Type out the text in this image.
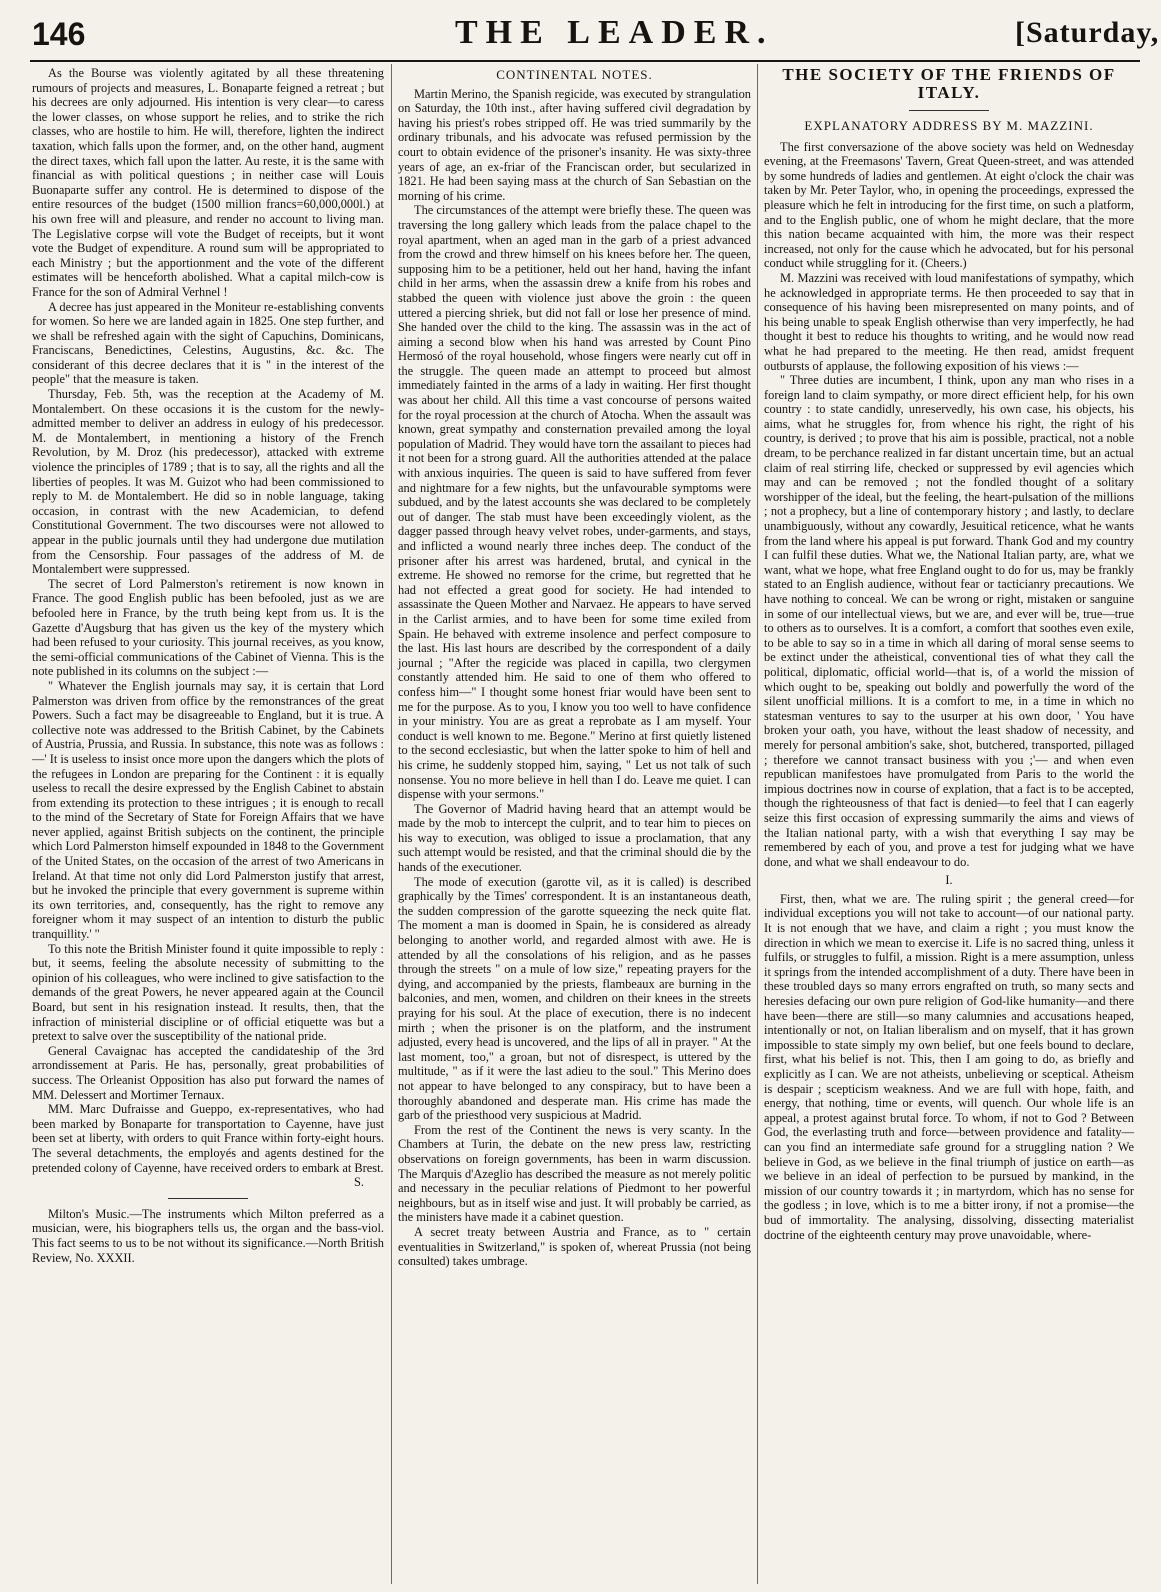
146	THE LEADER.	[Saturday,

As the Bourse was violently agitated by all these threatening rumours of projects and measures, L. Bonaparte feigned a retreat ; but his decrees are only adjourned. His intention is very clear—to caress the lower classes, on whose support he relies, and to strike the rich classes, who are hostile to him. He will, therefore, lighten the indirect taxation, which falls upon the former, and, on the other hand, augment the direct taxes, which fall upon the latter. Au reste, it is the same with financial as with political questions ; in neither case will Louis Buonaparte suffer any control. He is determined to dispose of the entire resources of the budget (1500 million francs=60,000,000l.) at his own free will and pleasure, and render no account to living man. The Legislative corpse will vote the Budget of receipts, but it wont vote the Budget of expenditure. A round sum will be appropriated to each Ministry ; but the apportionment and the vote of the different estimates will be henceforth abolished. What a capital milch-cow is France for the son of Admiral Verhnel !

A decree has just appeared in the Moniteur re-establishing convents for women. So here we are landed again in 1825. One step further, and we shall be refreshed again with the sight of Capuchins, Dominicans, Franciscans, Benedictines, Celestins, Augustins, &c. &c. The considerant of this decree declares that it is " in the interest of the people" that the measure is taken.

Thursday, Feb. 5th, was the reception at the Academy of M. Montalembert. On these occasions it is the custom for the newly-admitted member to deliver an address in eulogy of his predecessor. M. de Montalembert, in mentioning a history of the French Revolution, by M. Droz (his predecessor), attacked with extreme violence the principles of 1789 ; that is to say, all the rights and all the liberties of peoples. It was M. Guizot who had been commissioned to reply to M. de Montalembert. He did so in noble language, taking occasion, in contrast with the new Academician, to defend Constitutional Government. The two discourses were not allowed to appear in the public journals until they had undergone due mutilation from the Censorship. Four passages of the address of M. de Montalembert were suppressed.

The secret of Lord Palmerston's retirement is now known in France. The good English public has been befooled, just as we are befooled here in France, by the truth being kept from us. It is the Gazette d'Augsburg that has given us the key of the mystery which had been refused to your curiosity. This journal receives, as you know, the semi-official communications of the Cabinet of Vienna. This is the note published in its columns on the subject :—

" Whatever the English journals may say, it is certain that Lord Palmerston was driven from office by the remonstrances of the great Powers. Such a fact may be disagreeable to England, but it is true. A collective note was addressed to the British Cabinet, by the Cabinets of Austria, Prussia, and Russia. In substance, this note was as follows :—' It is useless to insist once more upon the dangers which the plots of the refugees in London are preparing for the Continent : it is equally useless to recall the desire expressed by the English Cabinet to abstain from extending its protection to these intrigues ; it is enough to recall to the mind of the Secretary of State for Foreign Affairs that we have never applied, against British subjects on the continent, the principle which Lord Palmerston himself expounded in 1848 to the Government of the United States, on the occasion of the arrest of two Americans in Ireland. At that time not only did Lord Palmerston justify that arrest, but he invoked the principle that every government is supreme within its own territories, and, consequently, has the right to remove any foreigner whom it may suspect of an intention to disturb the public tranquillity.' "

To this note the British Minister found it quite impossible to reply : but, it seems, feeling the absolute necessity of submitting to the opinion of his colleagues, who were inclined to give satisfaction to the demands of the great Powers, he never appeared again at the Council Board, but sent in his resignation instead. It results, then, that the infraction of ministerial discipline or of official etiquette was but a pretext to salve over the susceptibility of the national pride.

General Cavaignac has accepted the candidateship of the 3rd arrondissement at Paris. He has, personally, great probabilities of success. The Orleanist Opposition has also put forward the names of MM. Delessert and Mortimer Ternaux.

MM. Marc Dufraisse and Gueppo, ex-representatives, who had been marked by Bonaparte for transportation to Cayenne, have just been set at liberty, with orders to quit France within forty-eight hours. The several detachments, the employés and agents destined for the pretended colony of Cayenne, have received orders to embark at Brest.

S.

Milton's Music.—The instruments which Milton preferred as a musician, were, his biographers tells us, the organ and the bass-viol. This fact seems to us to be not without its significance.—North British Review, No. XXXII.

CONTINENTAL NOTES.

Martin Merino, the Spanish regicide, was executed by strangulation on Saturday, the 10th inst., after having suffered civil degradation by having his priest's robes stripped off. He was tried summarily by the ordinary tribunals, and his advocate was refused permission by the court to obtain evidence of the prisoner's insanity. He was sixty-three years of age, an ex-friar of the Franciscan order, but secularized in 1821. He had been saying mass at the church of San Sebastian on the morning of his crime.

The circumstances of the attempt were briefly these. The queen was traversing the long gallery which leads from the palace chapel to the royal apartment, when an aged man in the garb of a priest advanced from the crowd and threw himself on his knees before her. The queen, supposing him to be a petitioner, held out her hand, having the infant child in her arms, when the assassin drew a knife from his robes and stabbed the queen with violence just above the groin : the queen uttered a piercing shriek, but did not fall or lose her presence of mind. She handed over the child to the king. The assassin was in the act of aiming a second blow when his hand was arrested by Count Pino Hermosó of the royal household, whose fingers were nearly cut off in the struggle. The queen made an attempt to proceed but almost immediately fainted in the arms of a lady in waiting. Her first thought was about her child. All this time a vast concourse of persons waited for the royal procession at the church of Atocha. When the assault was known, great sympathy and consternation prevailed among the loyal population of Madrid. They would have torn the assailant to pieces had it not been for a strong guard. All the authorities attended at the palace with anxious inquiries. The queen is said to have suffered from fever and nightmare for a few nights, but the unfavourable symptoms were subdued, and by the latest accounts she was declared to be completely out of danger. The stab must have been exceedingly violent, as the dagger passed through heavy velvet robes, under-garments, and stays, and inflicted a wound nearly three inches deep. The conduct of the prisoner after his arrest was hardened, brutal, and cynical in the extreme. He showed no remorse for the crime, but regretted that he had not effected a great good for society. He had intended to assassinate the Queen Mother and Narvaez. He appears to have served in the Carlist armies, and to have been for some time exiled from Spain. He behaved with extreme insolence and perfect composure to the last. His last hours are described by the correspondent of a daily journal ; "After the regicide was placed in capilla, two clergymen constantly attended him. He said to one of them who offered to confess him—" I thought some honest friar would have been sent to me for the purpose. As to you, I know you too well to have confidence in your ministry. You are as great a reprobate as I am myself. Your conduct is well known to me. Begone." Merino at first quietly listened to the second ecclesiastic, but when the latter spoke to him of hell and his crime, he suddenly stopped him, saying, " Let us not talk of such nonsense. You no more believe in hell than I do. Leave me quiet. I can dispense with your sermons."

The Governor of Madrid having heard that an attempt would be made by the mob to intercept the culprit, and to tear him to pieces on his way to execution, was obliged to issue a proclamation, that any such attempt would be resisted, and that the criminal should die by the hands of the executioner.

The mode of execution (garotte vil, as it is called) is described graphically by the Times' correspondent. It is an instantaneous death, the sudden compression of the garotte squeezing the neck quite flat. The moment a man is doomed in Spain, he is considered as already belonging to another world, and regarded almost with awe. He is attended by all the consolations of his religion, and as he passes through the streets " on a mule of low size," repeating prayers for the dying, and accompanied by the priests, flambeaux are burning in the balconies, and men, women, and children on their knees in the streets praying for his soul. At the place of execution, there is no indecent mirth ; when the prisoner is on the platform, and the instrument adjusted, every head is uncovered, and the lips of all in prayer. " At the last moment, too," a groan, but not of disrespect, is uttered by the multitude, " as if it were the last adieu to the soul." This Merino does not appear to have belonged to any conspiracy, but to have been a thoroughly abandoned and desperate man. His crime has made the garb of the priesthood very suspicious at Madrid.

From the rest of the Continent the news is very scanty. In the Chambers at Turin, the debate on the new press law, restricting observations on foreign governments, has been in warm discussion. The Marquis d'Azeglio has described the measure as not merely politic and necessary in the peculiar relations of Piedmont to her powerful neighbours, but as in itself wise and just. It will probably be carried, as the ministers have made it a cabinet question.

A secret treaty between Austria and France, as to " certain eventualities in Switzerland," is spoken of, whereat Prussia (not being consulted) takes umbrage.

THE SOCIETY OF THE FRIENDS OF ITALY.
EXPLANATORY ADDRESS BY M. MAZZINI.

The first conversazione of the above society was held on Wednesday evening, at the Freemasons' Tavern, Great Queen-street, and was attended by some hundreds of ladies and gentlemen. At eight o'clock the chair was taken by Mr. Peter Taylor, who, in opening the proceedings, expressed the pleasure which he felt in introducing for the first time, on such a platform, and to the English public, one of whom he might declare, that the more this nation became acquainted with him, the more was their respect increased, not only for the cause which he advocated, but for his personal conduct while struggling for it. (Cheers.)

M. Mazzini was received with loud manifestations of sympathy, which he acknowledged in appropriate terms. He then proceeded to say that in consequence of his having been misrepresented on many points, and of his being unable to speak English otherwise than very imperfectly, he had thought it best to reduce his thoughts to writing, and he would now read what he had prepared to the meeting. He then read, amidst frequent outbursts of applause, the following exposition of his views :—

" Three duties are incumbent, I think, upon any man who rises in a foreign land to claim sympathy, or more direct efficient help, for his own country : to state candidly, unreservedly, his own case, his objects, his aims, what he struggles for, from whence his right, the right of his country, is derived ; to prove that his aim is possible, practical, not a noble dream, to be perchance realized in far distant uncertain time, but an actual claim of real stirring life, checked or suppressed by evil agencies which may and can be removed ; not the fondled thought of a solitary worshipper of the ideal, but the feeling, the heart-pulsation of the millions ; not a prophecy, but a line of contemporary history ; and lastly, to declare unambiguously, without any cowardly, Jesuitical reticence, what he wants from the land where his appeal is put forward. Thank God and my country I can fulfil these duties. What we, the National Italian party, are, what we want, what we hope, what free England ought to do for us, may be frankly stated to an English audience, without fear or tacticianry precautions. We have nothing to conceal. We can be wrong or right, mistaken or sanguine in some of our intellectual views, but we are, and ever will be, true—true to others as to ourselves. It is a comfort, a comfort that soothes even exile, to be able to say so in a time in which all daring of moral sense seems to be extinct under the atheistical, conventional ties of what they call the political, diplomatic, official world—that is, of a world the mission of which ought to be, speaking out boldly and powerfully the word of the silent unofficial millions. It is a comfort to me, in a time in which no statesman ventures to say to the usurper at his own door, ' You have broken your oath, you have, without the least shadow of necessity, and merely for personal ambition's sake, shot, butchered, transported, pillaged ; therefore we cannot transact business with you ;'— and when even republican manifestoes have promulgated from Paris to the world the impious doctrines now in course of explation, that a fact is to be accepted, though the righteousness of that fact is denied—to feel that I can eagerly seize this first occasion of expressing summarily the aims and views of the Italian national party, with a wish that everything I say may be remembered by each of you, and prove a test for judging what we have done, and what we shall endeavour to do.

I.

First, then, what we are. The ruling spirit ; the general creed—for individual exceptions you will not take to account—of our national party. It is not enough that we have, and claim a right ; you must know the direction in which we mean to exercise it. Life is no sacred thing, unless it fulfils, or struggles to fulfil, a mission. Right is a mere assumption, unless it springs from the intended accomplishment of a duty. There have been in these troubled days so many errors engrafted on truth, so many sects and heresies defacing our own pure religion of God-like humanity—and there have been—there are still—so many calumnies and accusations heaped, intentionally or not, on Italian liberalism and on myself, that it has grown impossible to state simply my own belief, but one feels bound to declare, first, what his belief is not. This, then I am going to do, as briefly and explicitly as I can. We are not atheists, unbelieving or sceptical. Atheism is despair ; scepticism weakness. And we are full with hope, faith, and energy, that nothing, time or events, will quench. Our whole life is an appeal, a protest against brutal force. To whom, if not to God ? Between God, the everlasting truth and force—between providence and fatality—can you find an intermediate safe ground for a struggling nation ? We believe in God, as we believe in the final triumph of justice on earth—as we believe in an ideal of perfection to be pursued by mankind, in the mission of our country towards it ; in martyrdom, which has no sense for the godless ; in love, which is to me a bitter irony, if not a promise—the bud of immortality. The analysing, dissolving, dissecting materialist doctrine of the eighteenth century may prove unavoidable, where-
